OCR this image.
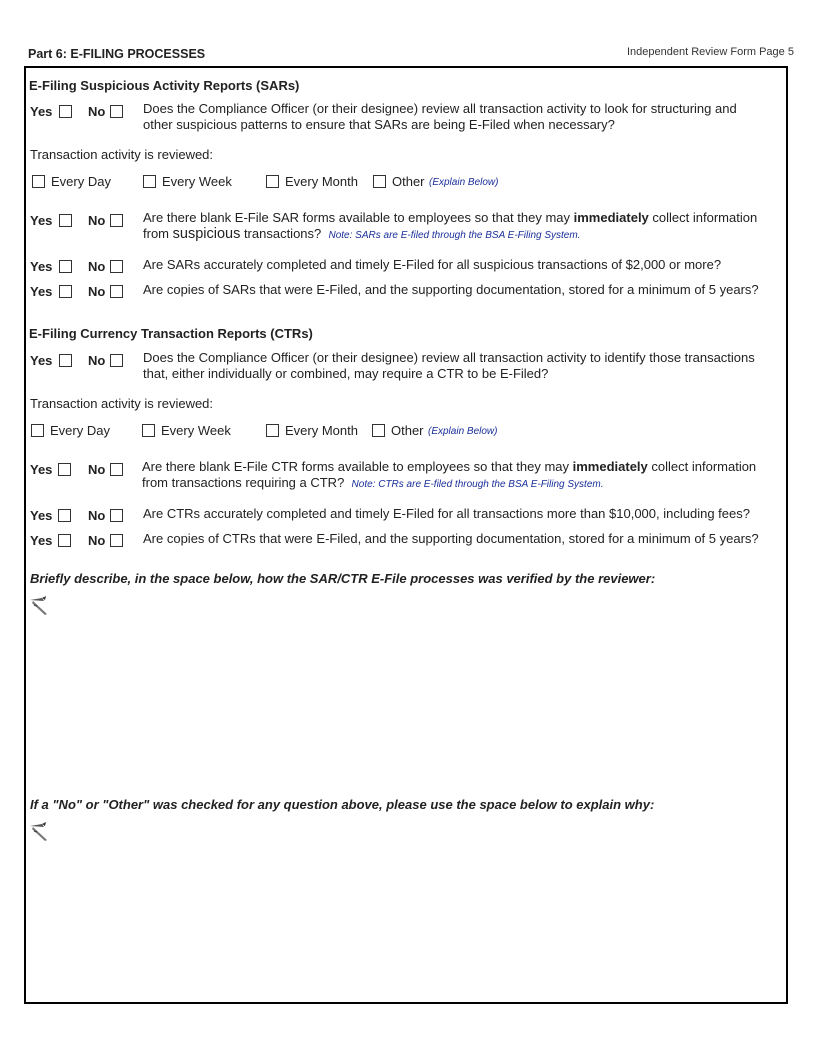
Part 6: E-FILING PROCESSES	Independent Review Form Page 5
E-Filing Suspicious Activity Reports (SARs)
Yes	No	Does the Compliance Officer (or their designee) review all transaction activity to look for structuring and
other suspicious patterns to ensure that SARs are being E-Filed when necessary?
Transaction activity is reviewed:
Every Day	Every Week	Every Month	Other (Explain Below)
Yes	No	Are there blank E-File SAR forms available to employees so that they may immediately collect information
from suspicious transactions? Note: SARs are E-filed through the BSA E-Filing System.
Yes	No	Are SARs accurately completed and timely E-Filed for all suspicious transactions of $2,000 or more?
Yes	No	Are copies of SARs that were E-Filed, and the supporting documentation, stored for a minimum of 5 years?
E-Filing Currency Transaction Reports (CTRs)
Yes	No	Does the Compliance Officer (or their designee) review all transaction activity to identify those transactions
that, either individually or combined, may require a CTR to be E-Filed?
Transaction activity is reviewed:
Every Day	Every Week	Every Month	Other (Explain Below)
Yes	No	Are there blank E-File CTR forms available to employees so that they may immediately collect information
from transactions requiring a CTR? Note: CTRs are E-filed through the BSA E-Filing System.
Yes	No	Are CTRs accurately completed and timely E-Filed for all transactions more than $10,000, including fees?
Yes	No	Are copies of CTRs that were E-Filed, and the supporting documentation, stored for a minimum of 5 years?
Briefly describe, in the space below, how the SAR/CTR E-File processes was verified by the reviewer:
If a "No" or "Other" was checked for any question above, please use the space below to explain why:
